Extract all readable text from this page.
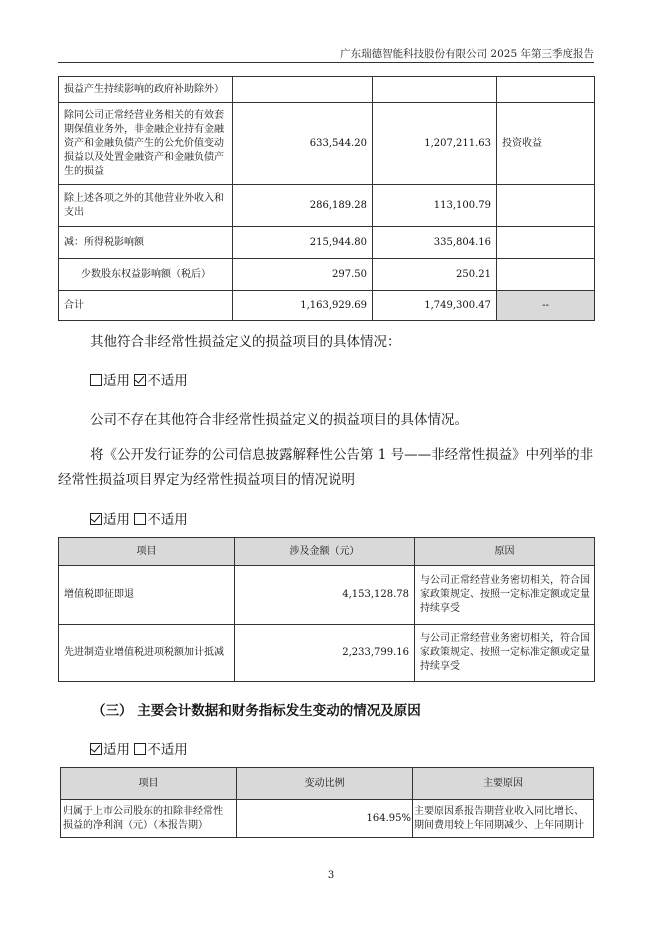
广东瑞德智能科技股份有限公司 2025 年第三季度报告
损益产生持续影响的政府补助除外）			
除同公司正常经营业务相关的有效套期保值业务外，非金融企业持有金融资产和金融负债产生的公允价值变动损益以及处置金融资产和金融负债产生的损益	633,544.20	1,207,211.63	投资收益
除上述各项之外的其他营业外收入和支出	286,189.28	113,100.79	
减：所得税影响额	215,944.80	335,804.16	
少数股东权益影响额（税后）	297.50	250.21	
合计	1,163,929.69	1,749,300.47	--
其他符合非经常性损益定义的损益项目的具体情况：
适用 不适用
公司不存在其他符合非经常性损益定义的损益项目的具体情况。
将《公开发行证券的公司信息披露解释性公告第 1 号——非经常性损益》中列举的非
经常性损益项目界定为经常性损益项目的情况说明
适用 不适用
项目	涉及金额（元）	原因
增值税即征即退	4,153,128.78	与公司正常经营业务密切相关，符合国家政策规定、按照一定标准定额或定量持续享受
先进制造业增值税进项税额加计抵减	2,233,799.16	与公司正常经营业务密切相关，符合国家政策规定、按照一定标准定额或定量持续享受
（三） 主要会计数据和财务指标发生变动的情况及原因
适用 不适用
项目	变动比例	主要原因
归属于上市公司股东的扣除非经常性损益的净利润（元）（本报告期）	164.95%	主要原因系报告期营业收入同比增长、期间费用较上年同期减少、上年同期计
3
